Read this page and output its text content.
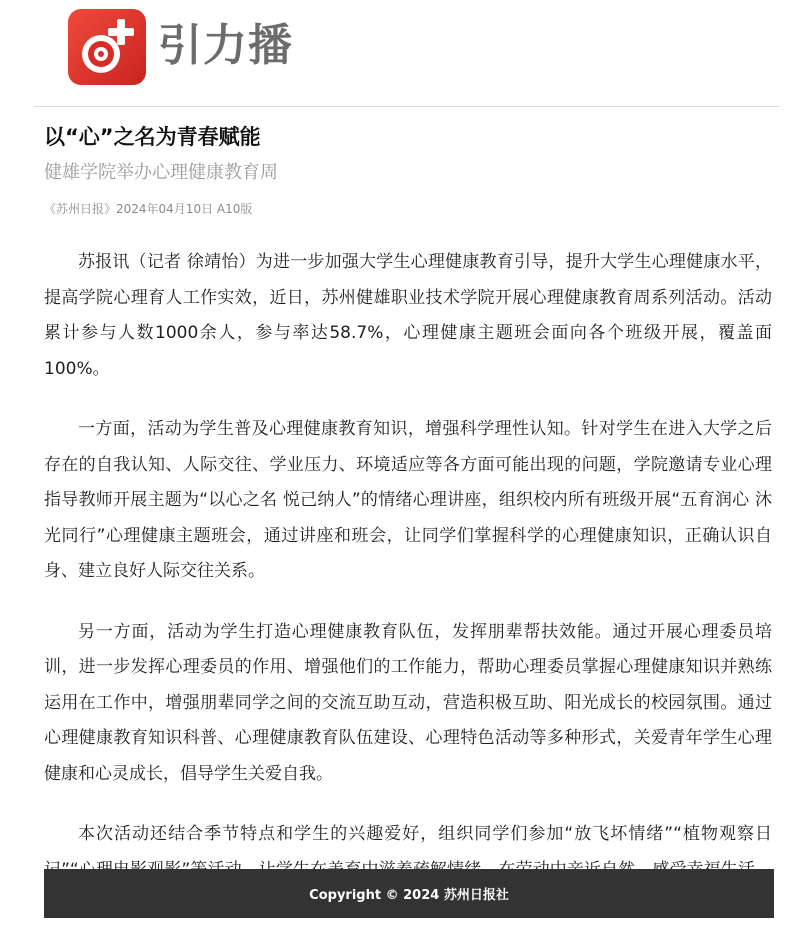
引力播
以“心”之名为青春赋能
健雄学院举办心理健康教育周
《苏州日报》2024年04月10日 A10版

苏报讯（记者 徐靖怡）为进一步加强大学生心理健康教育引导，提升大学生心理健康水平，提高学院心理育人工作实效，近日，苏州健雄职业技术学院开展心理健康教育周系列活动。活动累计参与人数1000余人，参与率达58.7%，心理健康主题班会面向各个班级开展，覆盖面100%。

一方面，活动为学生普及心理健康教育知识，增强科学理性认知。针对学生在进入大学之后存在的自我认知、人际交往、学业压力、环境适应等各方面可能出现的问题，学院邀请专业心理指导教师开展主题为“以心之名 悦己纳人”的情绪心理讲座，组织校内所有班级开展“五育润心 沐光同行”心理健康主题班会，通过讲座和班会，让同学们掌握科学的心理健康知识，正确认识自身、建立良好人际交往关系。

另一方面，活动为学生打造心理健康教育队伍，发挥朋辈帮扶效能。通过开展心理委员培训，进一步发挥心理委员的作用、增强他们的工作能力，帮助心理委员掌握心理健康知识并熟练运用在工作中，增强朋辈同学之间的交流互助互动，营造积极互助、阳光成长的校园氛围。通过心理健康教育知识科普、心理健康教育队伍建设、心理特色活动等多种形式，关爱青年学生心理健康和心灵成长，倡导学生关爱自我。

本次活动还结合季节特点和学生的兴趣爱好，组织同学们参加“放飞坏情绪”“植物观察日

Copyright © 2024 苏州日报社
